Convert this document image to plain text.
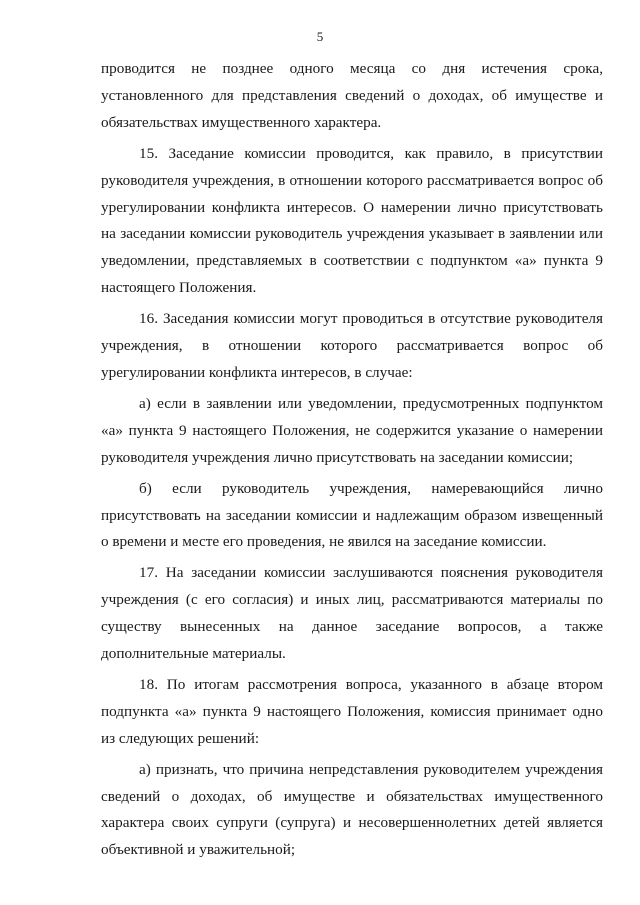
5

проводится не позднее одного месяца со дня истечения срока, установленного для представления сведений о доходах, об имуществе и обязательствах имущественного характера.

15. Заседание комиссии проводится, как правило, в присутствии руководителя учреждения, в отношении которого рассматривается вопрос об урегулировании конфликта интересов. О намерении лично присутствовать на заседании комиссии руководитель учреждения указывает в заявлении или уведомлении, представляемых в соответствии с подпунктом «а» пункта 9 настоящего Положения.

16. Заседания комиссии могут проводиться в отсутствие руководителя учреждения, в отношении которого рассматривается вопрос об урегулировании конфликта интересов, в случае:

а) если в заявлении или уведомлении, предусмотренных подпунктом «а» пункта 9 настоящего Положения, не содержится указание о намерении руководителя учреждения лично присутствовать на заседании комиссии;

б) если руководитель учреждения, намеревающийся лично присутствовать на заседании комиссии и надлежащим образом извещенный о времени и месте его проведения, не явился на заседание комиссии.

17. На заседании комиссии заслушиваются пояснения руководителя учреждения (с его согласия) и иных лиц, рассматриваются материалы по существу вынесенных на данное заседание вопросов, а также дополнительные материалы.

18. По итогам рассмотрения вопроса, указанного в абзаце втором подпункта «а» пункта 9 настоящего Положения, комиссия принимает одно из следующих решений:

а) признать, что причина непредставления руководителем учреждения сведений о доходах, об имуществе и обязательствах имущественного характера своих супруги (супруга) и несовершеннолетних детей является объективной и уважительной;
